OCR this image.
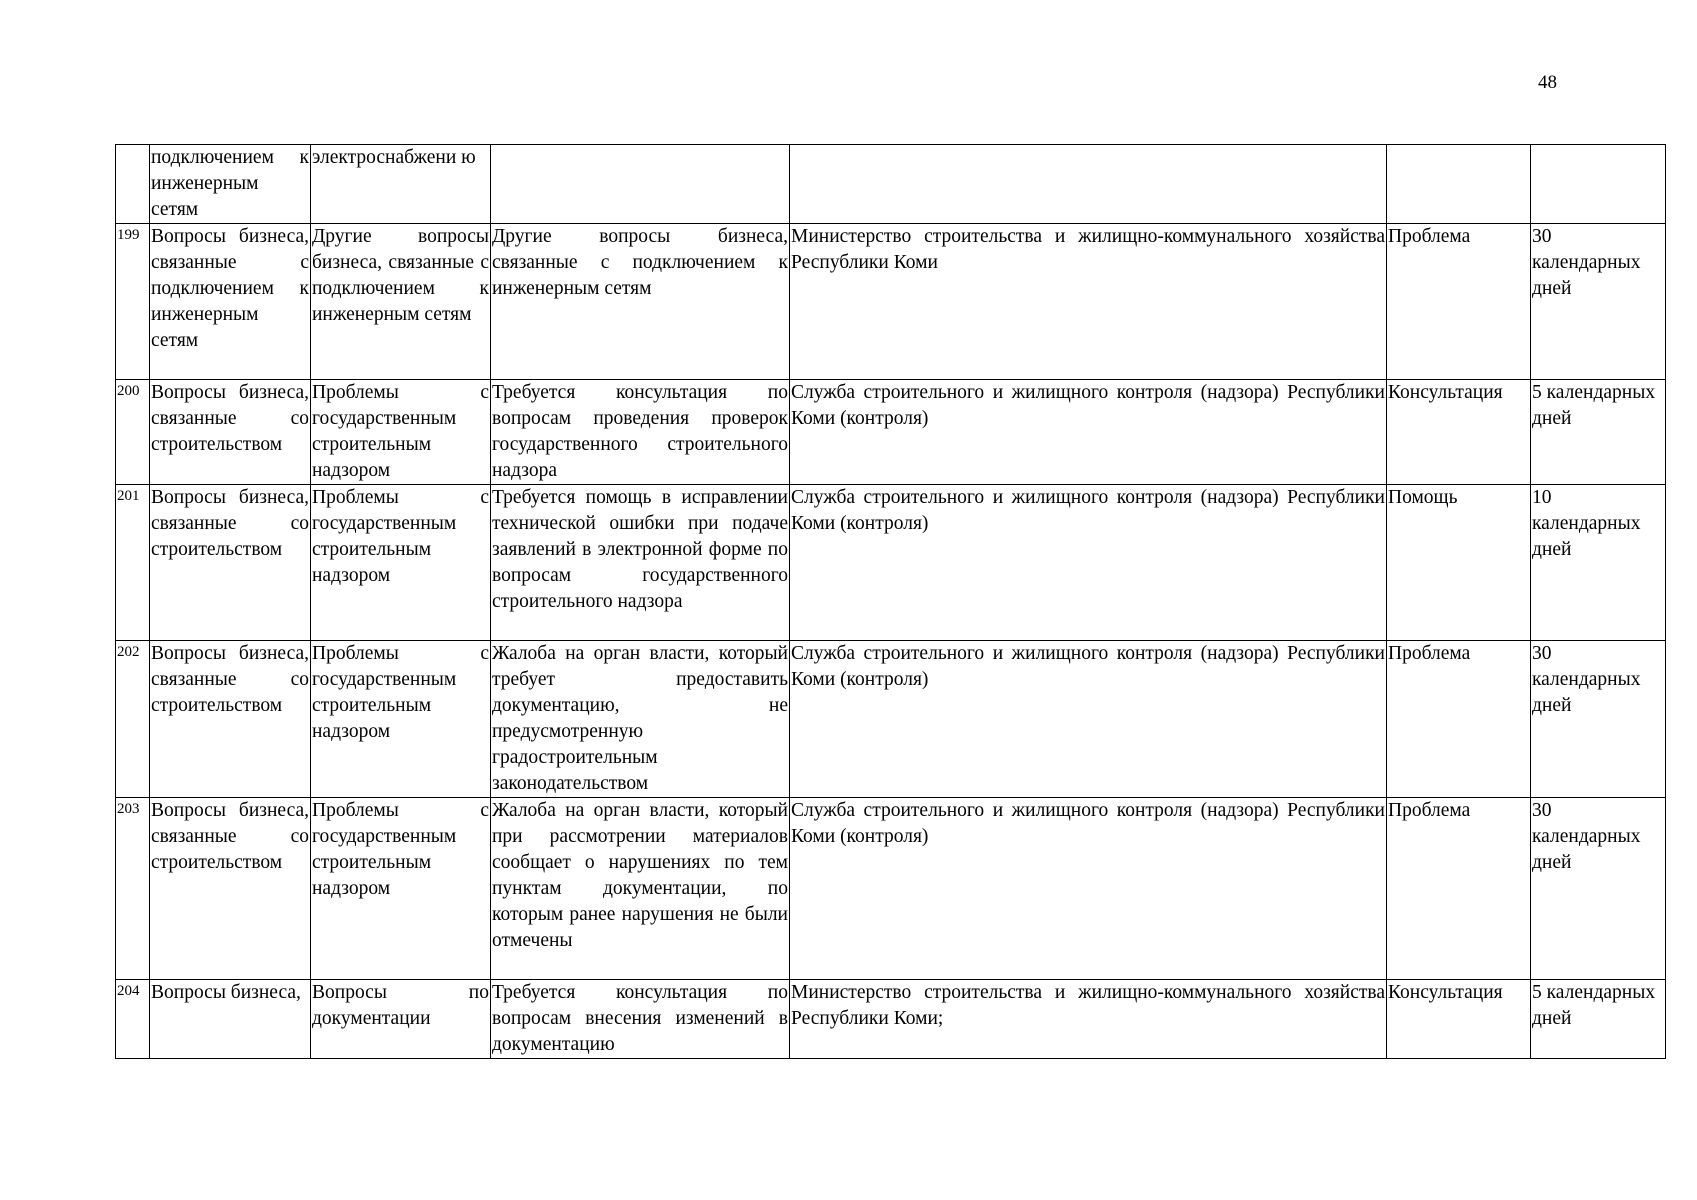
48

	подключением к инженерным сетям	электроснабжени ю				

199	Вопросы бизнеса, связанные с подключением к инженерным сетям	Другие вопросы бизнеса, связанные с подключением к инженерным сетям	Другие вопросы бизнеса, связанные с подключением к инженерным сетям	Министерство строительства и жилищно-коммунального хозяйства Республики Коми	Проблема	30 календарных дней

200	Вопросы бизнеса, связанные со строительством	Проблемы с государственным строительным надзором	Требуется консультация по вопросам проведения проверок государственного строительного надзора	Служба строительного и жилищного контроля (надзора) Республики Коми (контроля)	Консультация	5 календарных дней

201	Вопросы бизнеса, связанные со строительством	Проблемы с государственным строительным надзором	Требуется помощь в исправлении технической ошибки при подаче заявлений в электронной форме по вопросам государственного строительного надзора	Служба строительного и жилищного контроля (надзора) Республики Коми (контроля)	Помощь	10 календарных дней

202	Вопросы бизнеса, связанные со строительством	Проблемы с государственным строительным надзором	Жалоба на орган власти, который требует предоставить документацию, не предусмотренную градостроительным законодательством	Служба строительного и жилищного контроля (надзора) Республики Коми (контроля)	Проблема	30 календарных дней

203	Вопросы бизнеса, связанные со строительством	Проблемы с государственным строительным надзором	Жалоба на орган власти, который при рассмотрении материалов сообщает о нарушениях по тем пунктам документации, по которым ранее нарушения не были отмечены	Служба строительного и жилищного контроля (надзора) Республики Коми (контроля)	Проблема	30 календарных дней

204	Вопросы бизнеса,	Вопросы по документации	Требуется консультация по вопросам внесения изменений в документацию	Министерство строительства и жилищно-коммунального хозяйства Республики Коми;	Консультация	5 календарных дней
